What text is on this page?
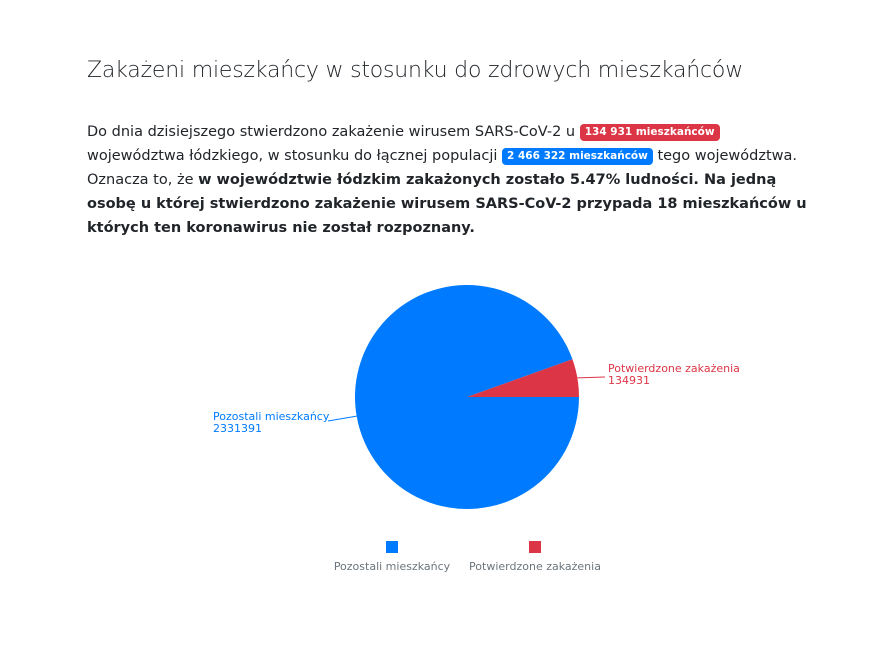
Zakażeni mieszkańcy w stosunku do zdrowych mieszkańców

Do dnia dzisiejszego stwierdzono zakażenie wirusem SARS-CoV-2 u 134 931 mieszkańców województwa łódzkiego, w stosunku do łącznej populacji 2 466 322 mieszkańców tego województwa. Oznacza to, że w województwie łódzkim zakażonych zostało 5.47% ludności. Na jedną osobę u której stwierdzono zakażenie wirusem SARS-CoV-2 przypada 18 mieszkańców u których ten koronawirus nie został rozpoznany.

Pozostali mieszkańcy
2331391
Potwierdzone zakażenia
134931
Pozostali mieszkańcy Potwierdzone zakażenia
